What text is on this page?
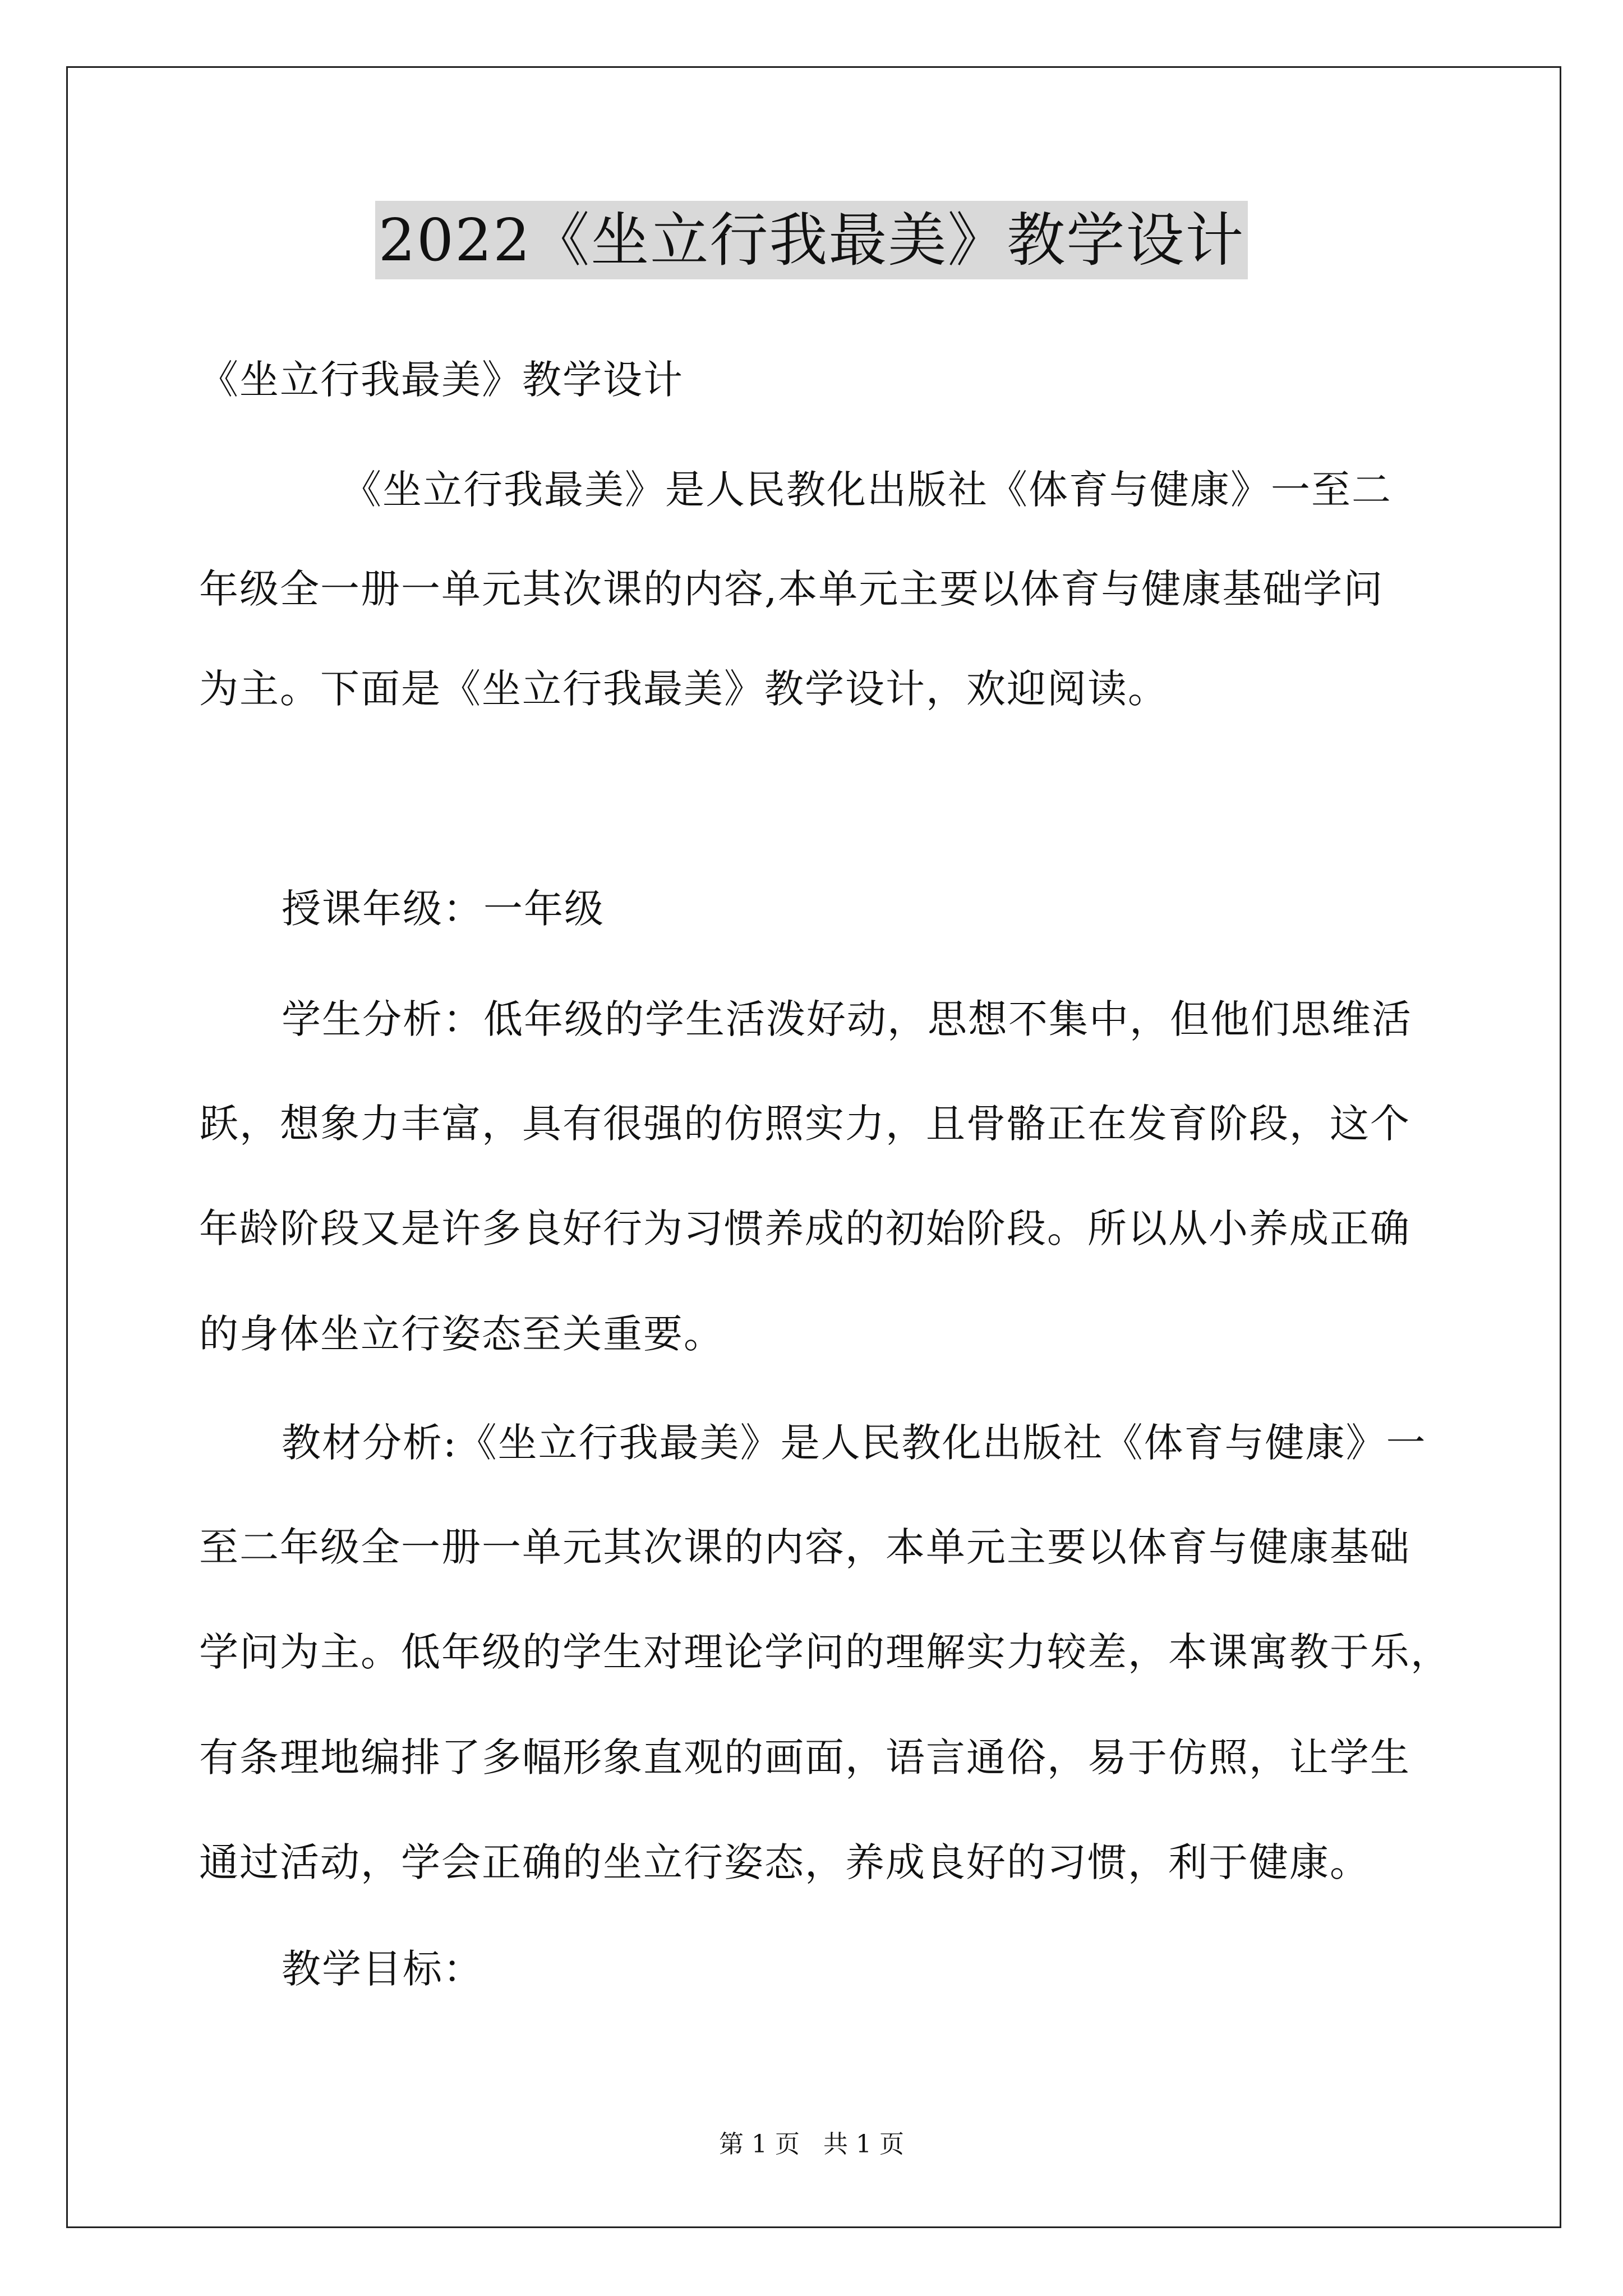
2022《坐立行我最美》教学设计
《坐立行我最美》教学设计
《坐立行我最美》是人民教化出版社《体育与健康》一至二
年级全一册一单元其次课的内容,本单元主要以体育与健康基础学问
为主。下面是《坐立行我最美》教学设计，欢迎阅读。
授课年级：一年级
学生分析：低年级的学生活泼好动，思想不集中，但他们思维活
跃，想象力丰富，具有很强的仿照实力，且骨骼正在发育阶段，这个
年龄阶段又是许多良好行为习惯养成的初始阶段。所以从小养成正确
的身体坐立行姿态至关重要。
教材分析:《坐立行我最美》是人民教化出版社《体育与健康》一
至二年级全一册一单元其次课的内容，本单元主要以体育与健康基础
学问为主。低年级的学生对理论学问的理解实力较差，本课寓教于乐，
有条理地编排了多幅形象直观的画面，语言通俗，易于仿照，让学生
通过活动，学会正确的坐立行姿态，养成良好的习惯，利于健康。
教学目标：
第 1 页   共 1 页
